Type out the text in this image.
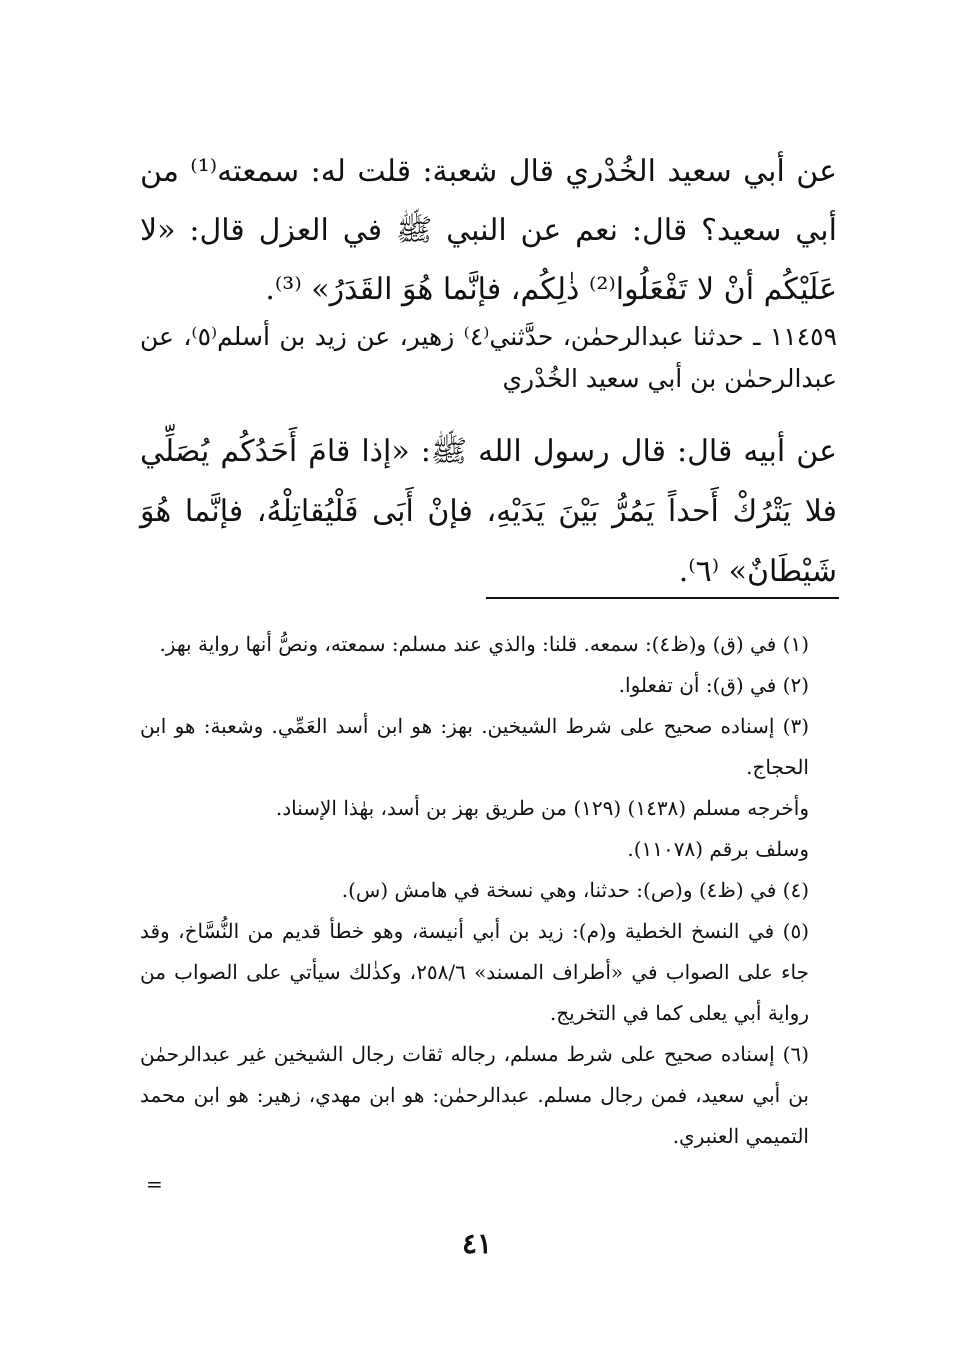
عن أبي سعيد الخُدْري قال شعبة: قلت له: سمعته⁽¹⁾ من أبي سعيد؟ قال: نعم عن النبي ﷺ في العزل قال: «لا عَلَيْكُم أنْ لا تَفْعَلُوا⁽²⁾ ذٰلِكُم، فإنَّما هُوَ القَدَرُ» ⁽³⁾.

١١٤٥٩ ـ حدثنا عبدالرحمٰن، حدَّثني⁽٤⁾ زهير، عن زيد بن أسلم⁽٥⁾، عن عبدالرحمٰن بن أبي سعيد الخُدْري

عن أبيه قال: قال رسول الله ﷺ: «إذا قامَ أَحَدُكُم يُصَلِّي فلا يَتْرُكْ أَحداً يَمُرُّ بَيْنَ يَدَيْهِ، فإنْ أَبَى فَلْيُقاتِلْهُ، فإنَّما هُوَ شَيْطَانٌ» ⁽٦⁾.

(١) في (ق) و(ظ٤): سمعه. قلنا: والذي عند مسلم: سمعته، ونصُّ أنها رواية بهز.

(٢) في (ق): أن تفعلوا.

(٣) إسناده صحيح على شرط الشيخين. بهز: هو ابن أسد العَمِّي. وشعبة: هو ابن الحجاج.

وأخرجه مسلم (١٤٣٨) (١٢٩) من طريق بهز بن أسد، بهٰذا الإسناد.

وسلف برقم (١١٠٧٨).

(٤) في (ظ٤) و(ص): حدثنا، وهي نسخة في هامش (س).

(٥) في النسخ الخطية و(م): زيد بن أبي أنيسة، وهو خطأ قديم من النُّسَّاخ، وقد جاء على الصواب في «أطراف المسند» ٢٥٨/٦، وكذٰلك سيأتي على الصواب من رواية أبي يعلى كما في التخريج.

(٦) إسناده صحيح على شرط مسلم، رجاله ثقات رجال الشيخين غير عبدالرحمٰن بن أبي سعيد، فمن رجال مسلم. عبدالرحمٰن: هو ابن مهدي، زهير: هو ابن محمد التميمي العنبري.

=
٤١
